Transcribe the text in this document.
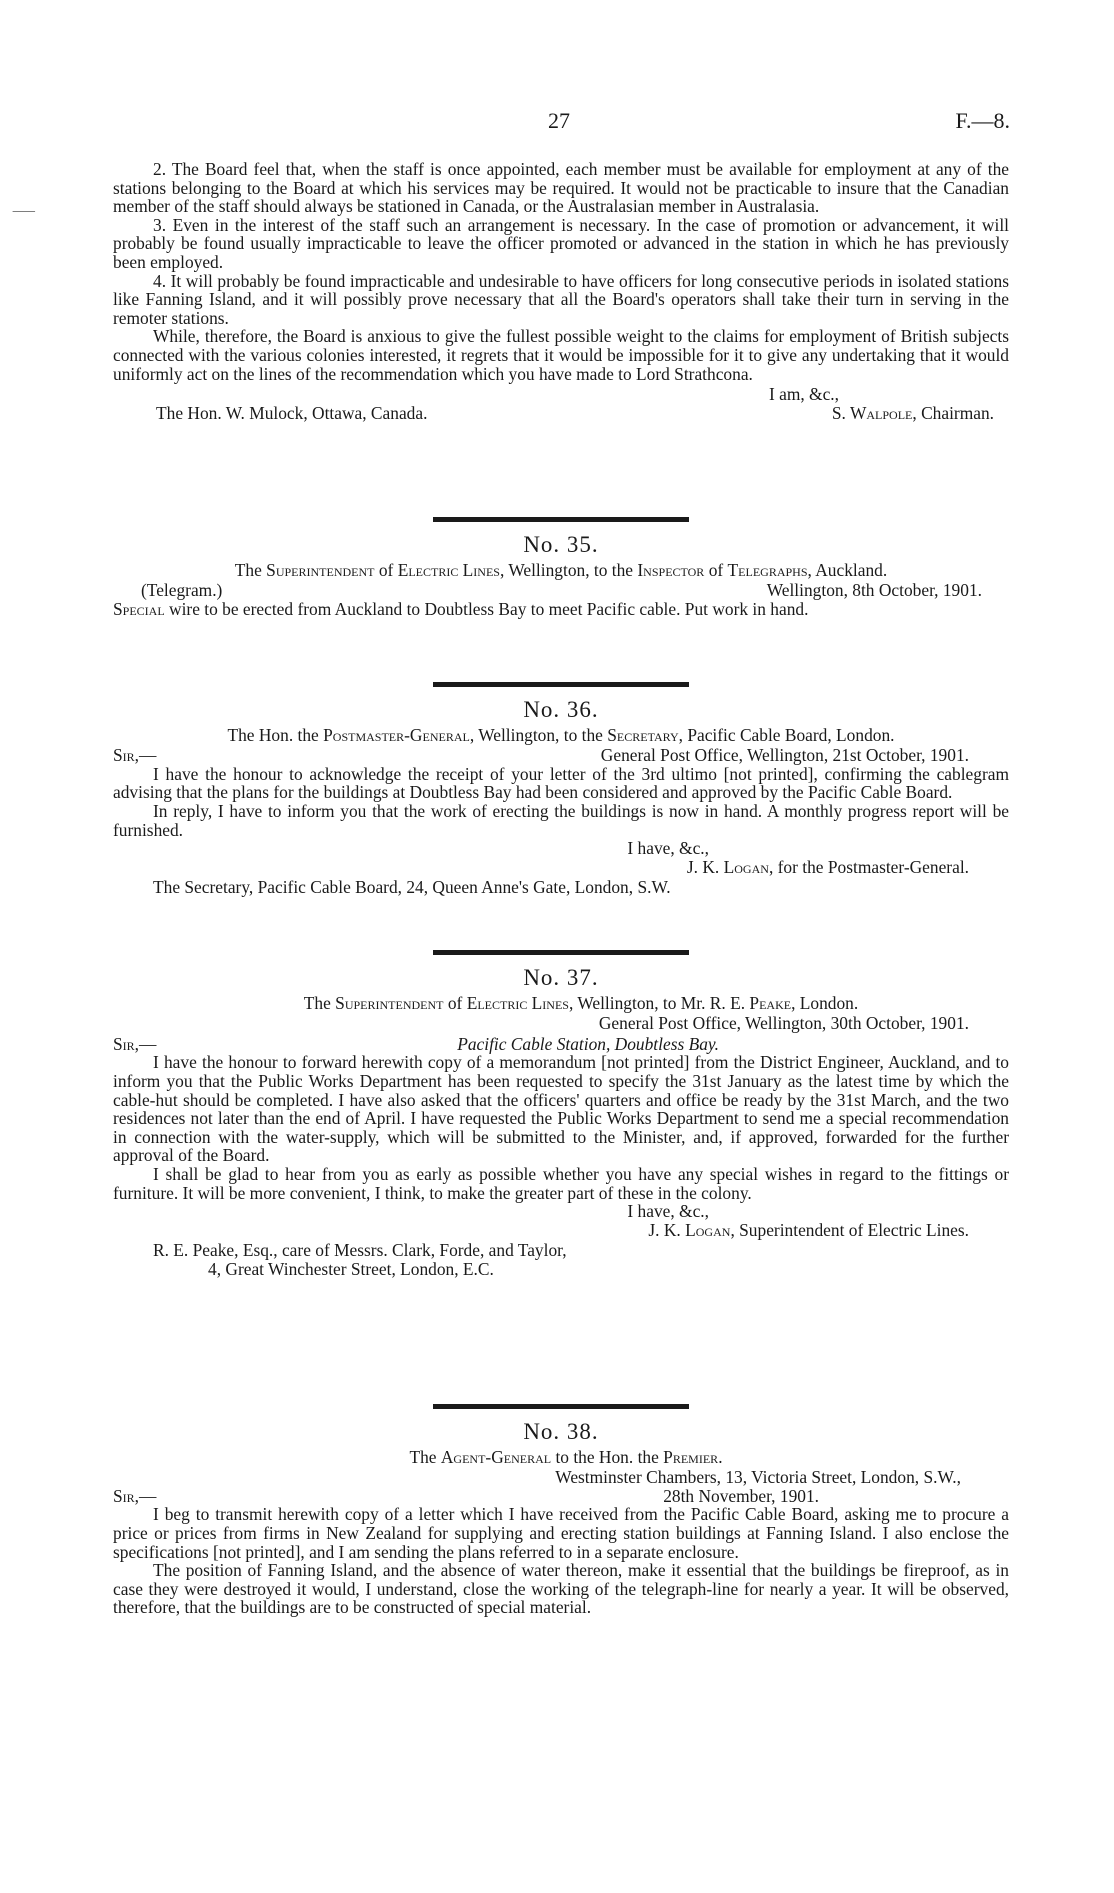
27	F.—8.
⸺

2. The Board feel that, when the staff is once appointed, each member must be available for employment at any of the stations belonging to the Board at which his services may be required. It would not be practicable to insure that the Canadian member of the staff should always be stationed in Canada, or the Australasian member in Australasia.

3. Even in the interest of the staff such an arrangement is necessary. In the case of promotion or advancement, it will probably be found usually impracticable to leave the officer promoted or advanced in the station in which he has previously been employed.

4. It will probably be found impracticable and undesirable to have officers for long consecutive periods in isolated stations like Fanning Island, and it will possibly prove necessary that all the Board's operators shall take their turn in serving in the remoter stations.

While, therefore, the Board is anxious to give the fullest possible weight to the claims for employment of British subjects connected with the various colonies interested, it regrets that it would be impossible for it to give any undertaking that it would uniformly act on the lines of the recommendation which you have made to Lord Strathcona.

I am, &c.,

The Hon. W. Mulock, Ottawa, Canada.	S. Walpole, Chairman.
No. 35.

The Superintendent of Electric Lines, Wellington, to the Inspector of Telegraphs, Auckland.

(Telegram.)	Wellington, 8th October, 1901.

Special wire to be erected from Auckland to Doubtless Bay to meet Pacific cable. Put work in hand.

No. 36.

The Hon. the Postmaster-General, Wellington, to the Secretary, Pacific Cable Board, London.

Sir,—	General Post Office, Wellington, 21st October, 1901.

I have the honour to acknowledge the receipt of your letter of the 3rd ultimo [not printed], confirming the cablegram advising that the plans for the buildings at Doubtless Bay had been considered and approved by the Pacific Cable Board.

In reply, I have to inform you that the work of erecting the buildings is now in hand. A monthly progress report will be furnished.

I have, &c.,

J. K. Logan, for the Postmaster-General.

The Secretary, Pacific Cable Board, 24, Queen Anne's Gate, London, S.W.

No. 37.

The Superintendent of Electric Lines, Wellington, to Mr. R. E. Peake, London.

General Post Office, Wellington, 30th October, 1901.

Sir,—	Pacific Cable Station, Doubtless Bay.

I have the honour to forward herewith copy of a memorandum [not printed] from the District Engineer, Auckland, and to inform you that the Public Works Department has been requested to specify the 31st January as the latest time by which the cable-hut should be completed. I have also asked that the officers' quarters and office be ready by the 31st March, and the two residences not later than the end of April. I have requested the Public Works Department to send me a special recommendation in connection with the water-supply, which will be submitted to the Minister, and, if approved, forwarded for the further approval of the Board.

I shall be glad to hear from you as early as possible whether you have any special wishes in regard to the fittings or furniture. It will be more convenient, I think, to make the greater part of these in the colony.

I have, &c.,

J. K. Logan, Superintendent of Electric Lines.

R. E. Peake, Esq., care of Messrs. Clark, Forde, and Taylor,

4, Great Winchester Street, London, E.C.

No. 38.

The Agent-General to the Hon. the Premier.

Westminster Chambers, 13, Victoria Street, London, S.W.,

Sir,—	28th November, 1901.

I beg to transmit herewith copy of a letter which I have received from the Pacific Cable Board, asking me to procure a price or prices from firms in New Zealand for supplying and erecting station buildings at Fanning Island. I also enclose the specifications [not printed], and I am sending the plans referred to in a separate enclosure.

The position of Fanning Island, and the absence of water thereon, make it essential that the buildings be fireproof, as in case they were destroyed it would, I understand, close the working of the telegraph-line for nearly a year. It will be observed, therefore, that the buildings are to be constructed of special material.
